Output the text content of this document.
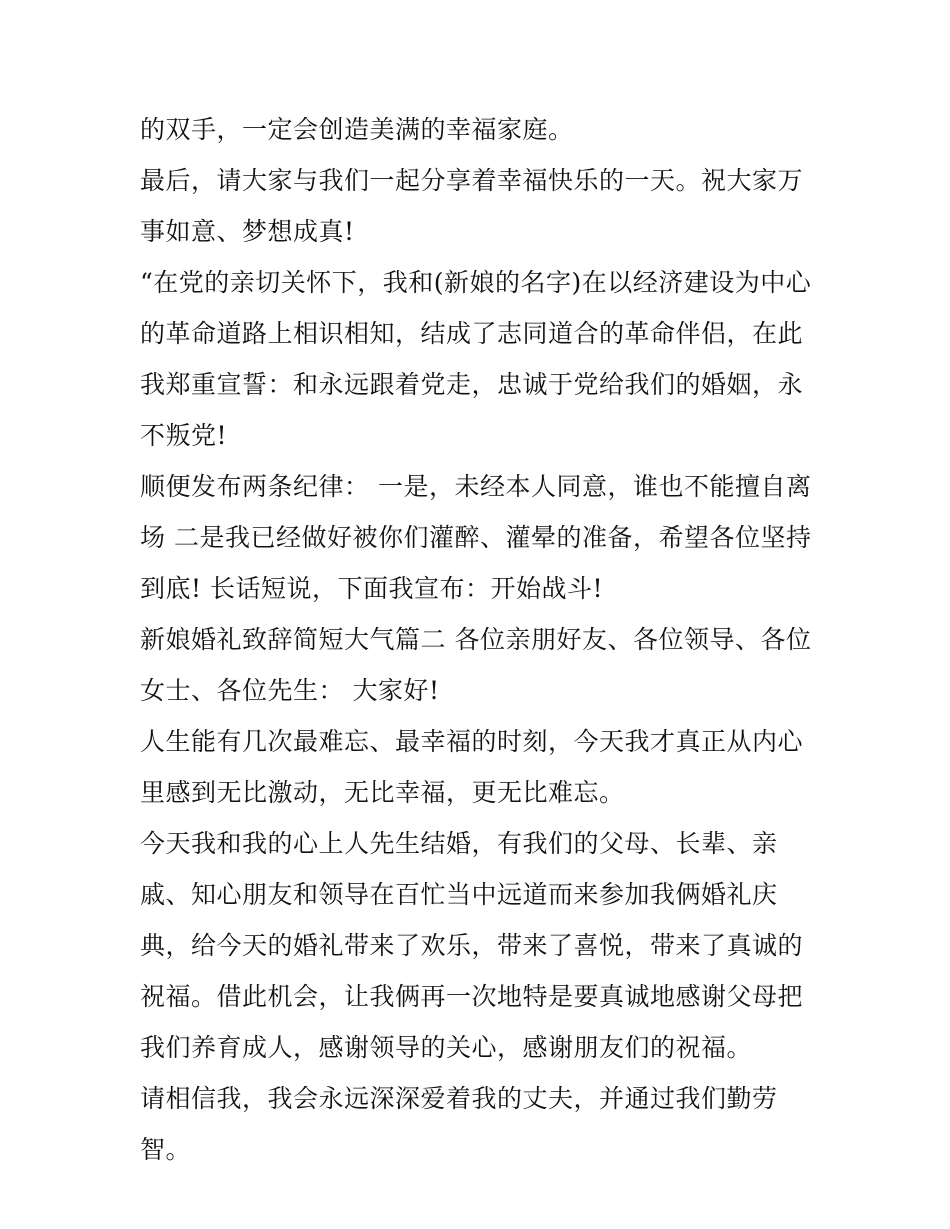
的双手，一定会创造美满的幸福家庭。

最后，请大家与我们一起分享着幸福快乐的一天。祝大家万事如意、梦想成真!

“在党的亲切关怀下，我和(新娘的名字)在以经济建设为中心的革命道路上相识相知，结成了志同道合的革命伴侣，在此我郑重宣誓：和永远跟着党走，忠诚于党给我们的婚姻，永不叛党!

顺便发布两条纪律： 一是，未经本人同意，谁也不能擅自离场 二是我已经做好被你们灌醉、灌晕的准备，希望各位坚持到底! 长话短说，下面我宣布：开始战斗!

新娘婚礼致辞简短大气篇二 各位亲朋好友、各位领导、各位女士、各位先生： 大家好!

人生能有几次最难忘、最幸福的时刻，今天我才真正从内心里感到无比激动，无比幸福，更无比难忘。

今天我和我的心上人先生结婚，有我们的父母、长辈、亲戚、知心朋友和领导在百忙当中远道而来参加我俩婚礼庆典，给今天的婚礼带来了欢乐，带来了喜悦，带来了真诚的祝福。借此机会，让我俩再一次地特是要真诚地感谢父母把我们养育成人，感谢领导的关心，感谢朋友们的祝福。

请相信我，我会永远深深爱着我的丈夫，并通过我们勤劳智。
